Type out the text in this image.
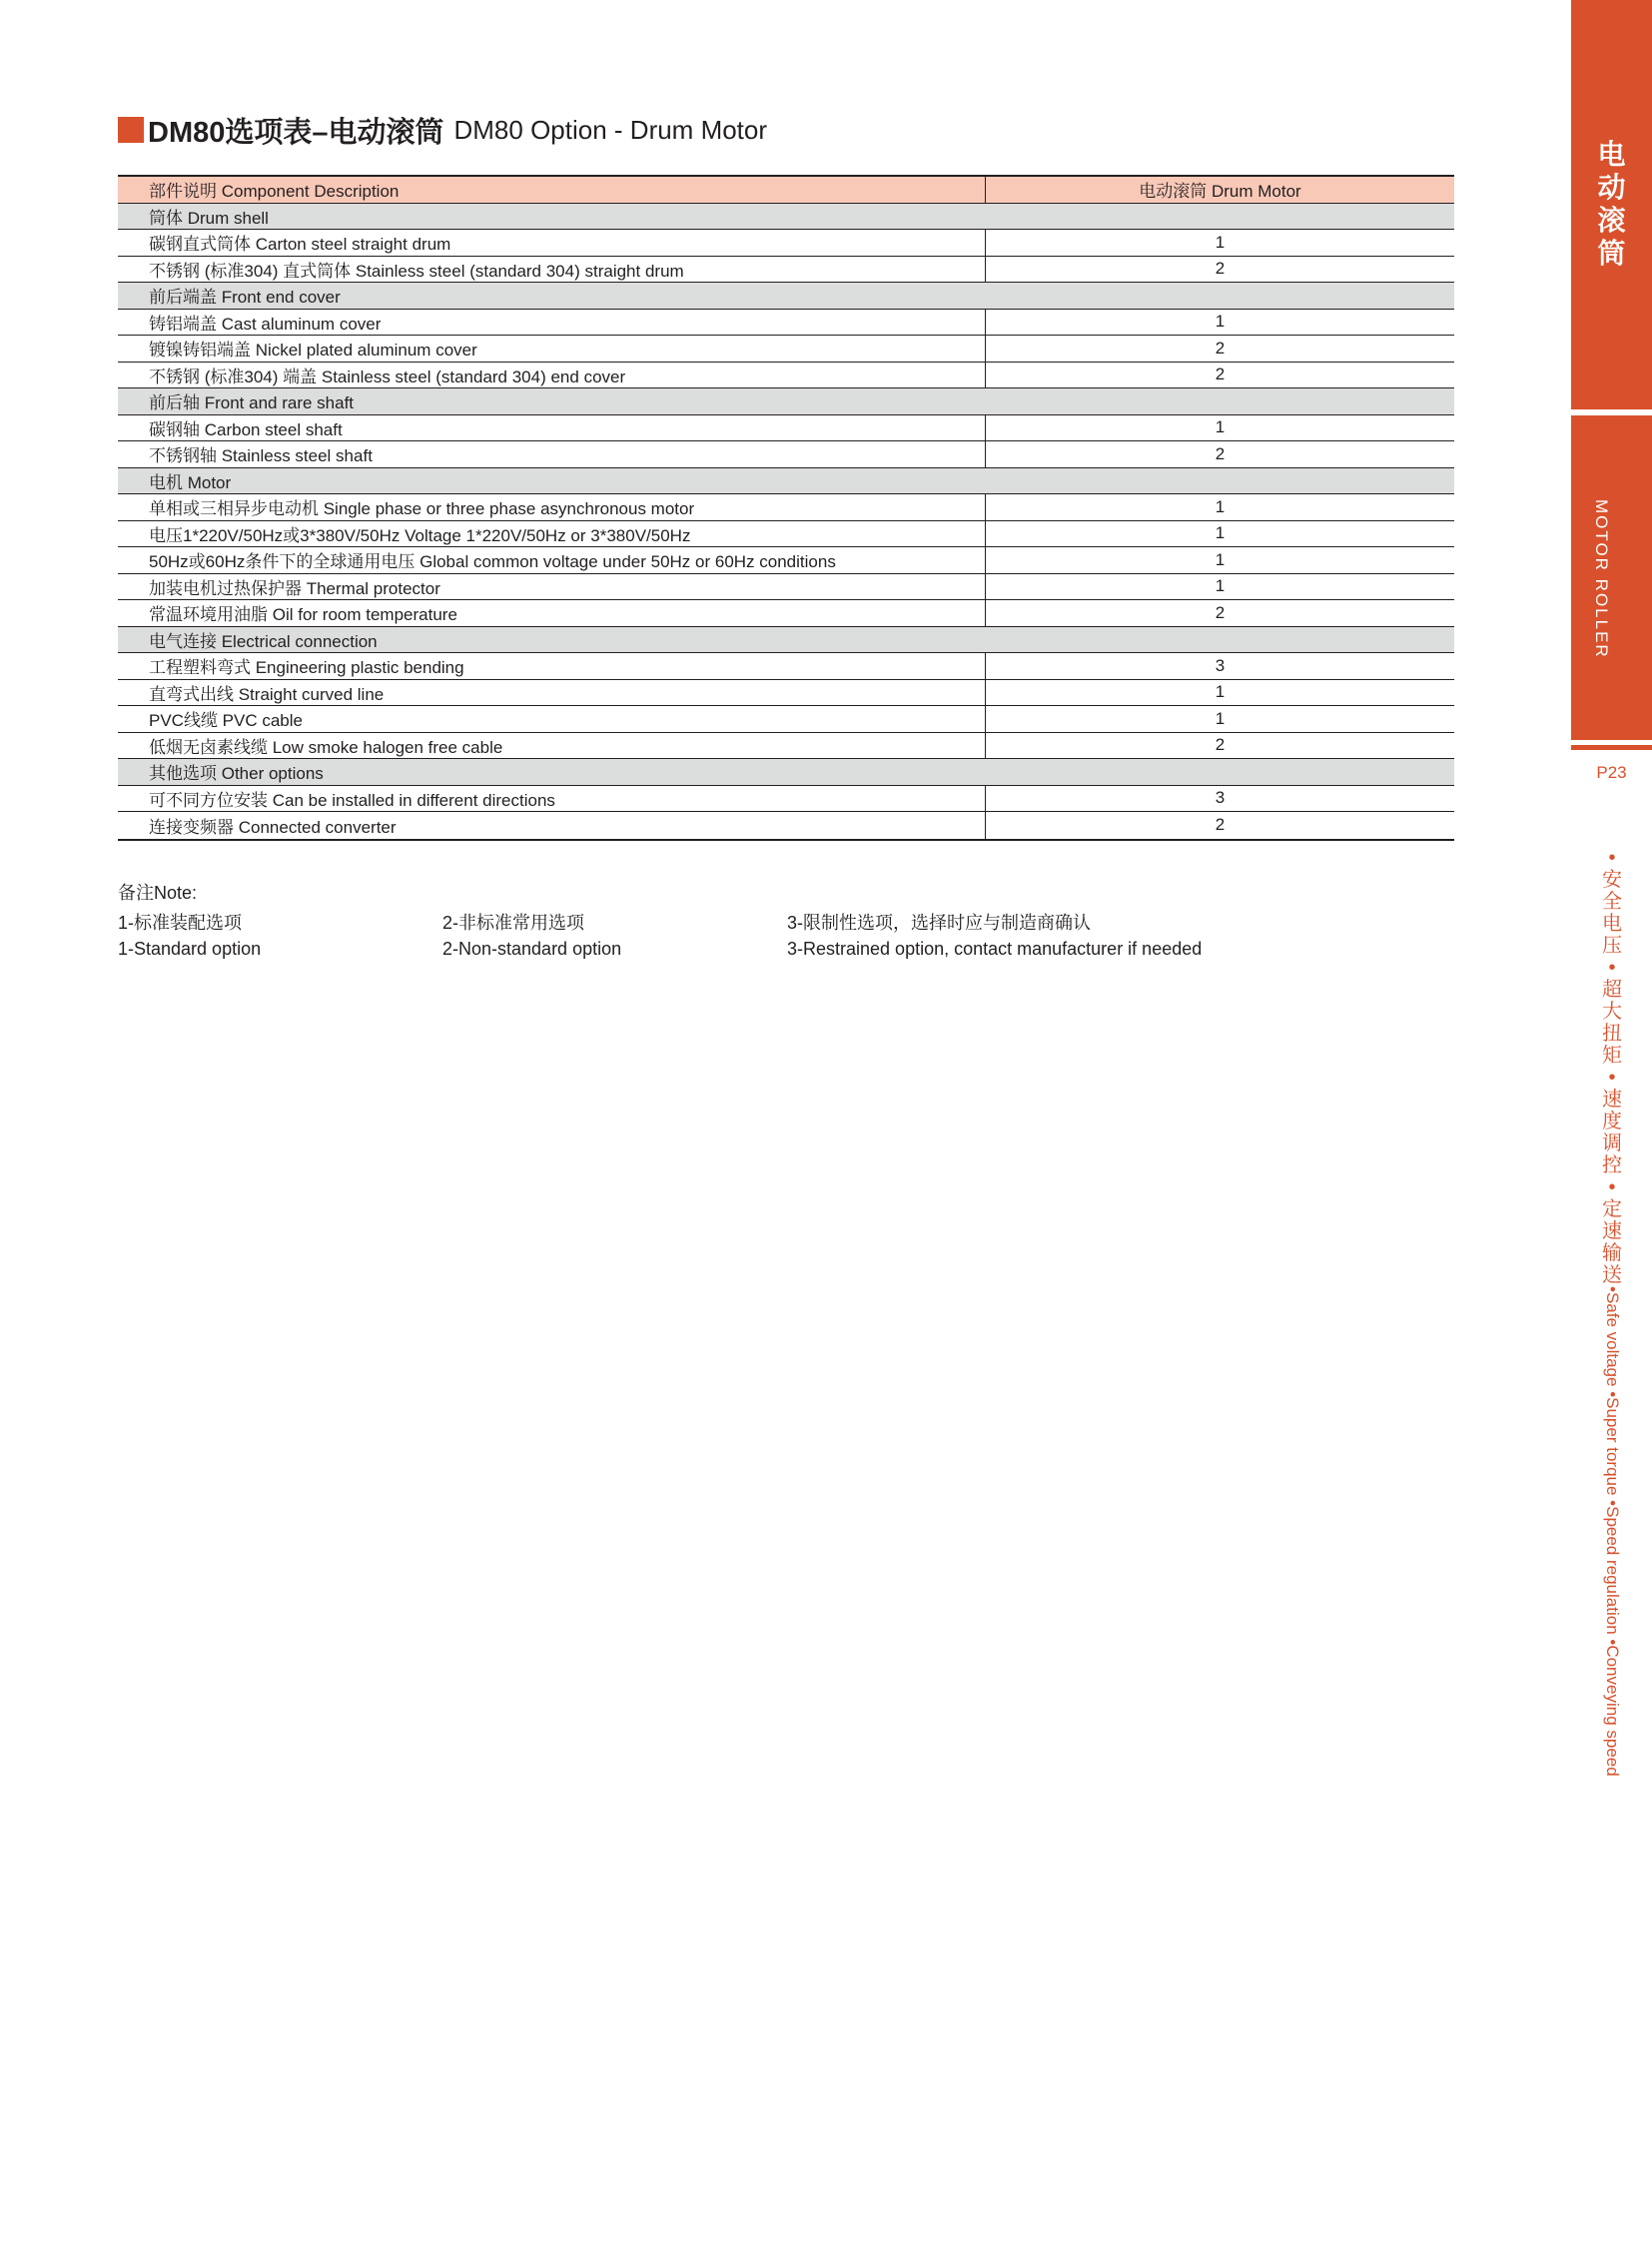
DM80选项表–电动滚筒 DM80 Option - Drum Motor
部件说明 Component Description	电动滚筒 Drum Motor
筒体 Drum shell
碳钢直式筒体 Carton steel straight drum	1
不锈钢 (标准304) 直式筒体 Stainless steel (standard 304) straight drum	2
前后端盖 Front end cover
铸铝端盖 Cast aluminum cover	1
镀镍铸铝端盖 Nickel plated aluminum cover	2
不锈钢 (标准304) 端盖 Stainless steel (standard 304) end cover	2
前后轴 Front and rare shaft
碳钢轴 Carbon steel shaft	1
不锈钢轴 Stainless steel shaft	2
电机 Motor
单相或三相异步电动机 Single phase or three phase asynchronous motor	1
电压1*220V/50Hz或3*380V/50Hz Voltage 1*220V/50Hz or 3*380V/50Hz	1
50Hz或60Hz条件下的全球通用电压 Global common voltage under 50Hz or 60Hz conditions	1
加装电机过热保护器 Thermal protector	1
常温环境用油脂 Oil for room temperature	2
电气连接 Electrical connection
工程塑料弯式 Engineering plastic bending	3
直弯式出线 Straight curved line	1
PVC线缆 PVC cable	1
低烟无卤素线缆 Low smoke halogen free cable	2
其他选项 Other options
可不同方位安装 Can be installed in different directions	3
连接变频器 Connected converter	2
备注Note:
1-标准装配选项
1-Standard option
2-非标准常用选项
2-Non-standard option
3-限制性选项，选择时应与制造商确认
3-Restrained option, contact manufacturer if needed
电
动
滚
筒
MOTOR ROLLER
P23
•
安
全
电
压
•
超
大
扭
矩
•
速
度
调
控
•
定
速
输
送
•Safe voltage •Super torque •Speed regulation •Conveying speed
